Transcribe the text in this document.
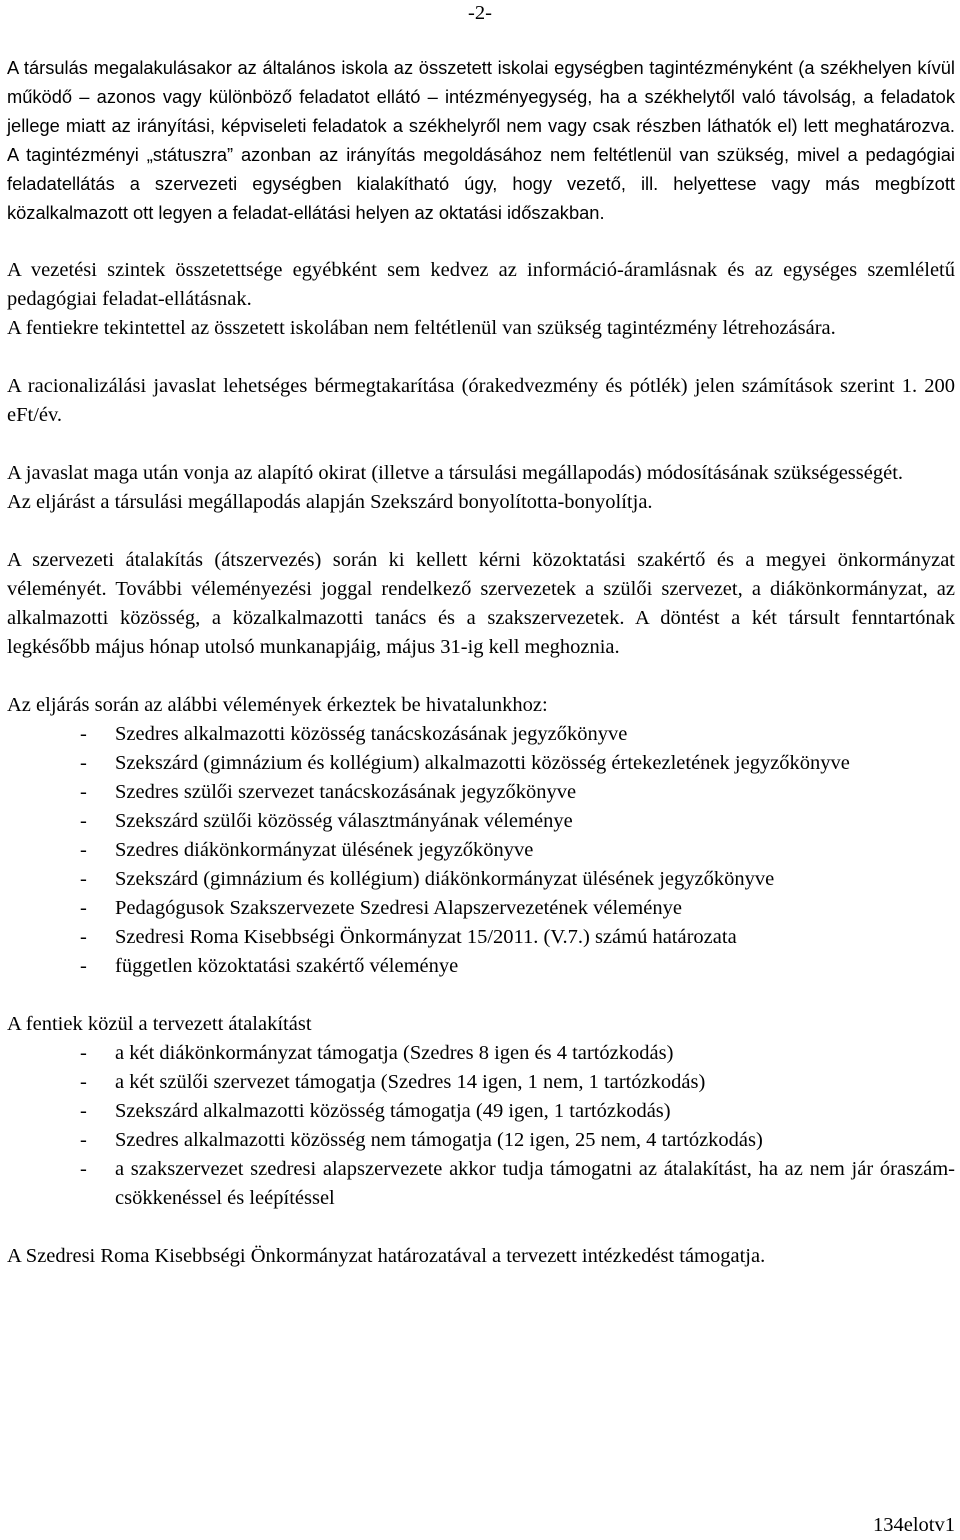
-2-

A társulás megalakulásakor az általános iskola az összetett iskolai egységben tagintézményként (a székhelyen kívül működő – azonos vagy különböző feladatot ellátó – intézményegység, ha a székhelytől való távolság, a feladatok jellege miatt az irányítási, képviseleti feladatok a székhelyről nem vagy csak részben láthatók el) lett meghatározva. A tagintézményi „státuszra” azonban az irányítás megoldásához nem feltétlenül van szükség, mivel a pedagógiai feladatellátás a szervezeti egységben kialakítható úgy, hogy vezető, ill. helyettese vagy más megbízott közalkalmazott ott legyen a feladat-ellátási helyen az oktatási időszakban.

A vezetési szintek összetettsége egyébként sem kedvez az információ-áramlásnak és az egységes szemléletű pedagógiai feladat-ellátásnak.

A fentiekre tekintettel az összetett iskolában nem feltétlenül van szükség tagintézmény létrehozására.

A racionalizálási javaslat lehetséges bérmegtakarítása (órakedvezmény és pótlék) jelen számítások szerint 1. 200 eFt/év.

A javaslat maga után vonja az alapító okirat (illetve a társulási megállapodás) módosításának szükségességét.

Az eljárást a társulási megállapodás alapján Szekszárd bonyolította-bonyolítja.

A szervezeti átalakítás (átszervezés) során ki kellett kérni közoktatási szakértő és a megyei önkormányzat véleményét. További véleményezési joggal rendelkező szervezetek a szülői szervezet, a diákönkormányzat, az alkalmazotti közösség, a közalkalmazotti tanács és a szakszervezetek. A döntést a két társult fenntartónak legkésőbb május hónap utolsó munkanapjáig, május 31-ig kell meghoznia.

Az eljárás során az alábbi vélemények érkeztek be hivatalunkhoz:

- Szedres alkalmazotti közösség tanácskozásának jegyzőkönyve
- Szekszárd (gimnázium és kollégium) alkalmazotti közösség értekezletének jegyzőkönyve
- Szedres szülői szervezet tanácskozásának jegyzőkönyve
- Szekszárd szülői közösség választmányának véleménye
- Szedres diákönkormányzat ülésének jegyzőkönyve
- Szekszárd (gimnázium és kollégium) diákönkormányzat ülésének jegyzőkönyve
- Pedagógusok Szakszervezete Szedresi Alapszervezetének véleménye
- Szedresi Roma Kisebbségi Önkormányzat 15/2011. (V.7.) számú határozata
- független közoktatási szakértő véleménye

A fentiek közül a tervezett átalakítást

- a két diákönkormányzat támogatja (Szedres 8 igen és 4 tartózkodás)
- a két szülői szervezet támogatja (Szedres 14 igen, 1 nem, 1 tartózkodás)
- Szekszárd alkalmazotti közösség támogatja (49 igen, 1 tartózkodás)
- Szedres alkalmazotti közösség nem támogatja (12 igen, 25 nem, 4 tartózkodás)
- a szakszervezet szedresi alapszervezete akkor tudja támogatni az átalakítást, ha az nem jár óraszám-csökkenéssel és leépítéssel

A Szedresi Roma Kisebbségi Önkormányzat határozatával a tervezett intézkedést támogatja.

134elotv1
